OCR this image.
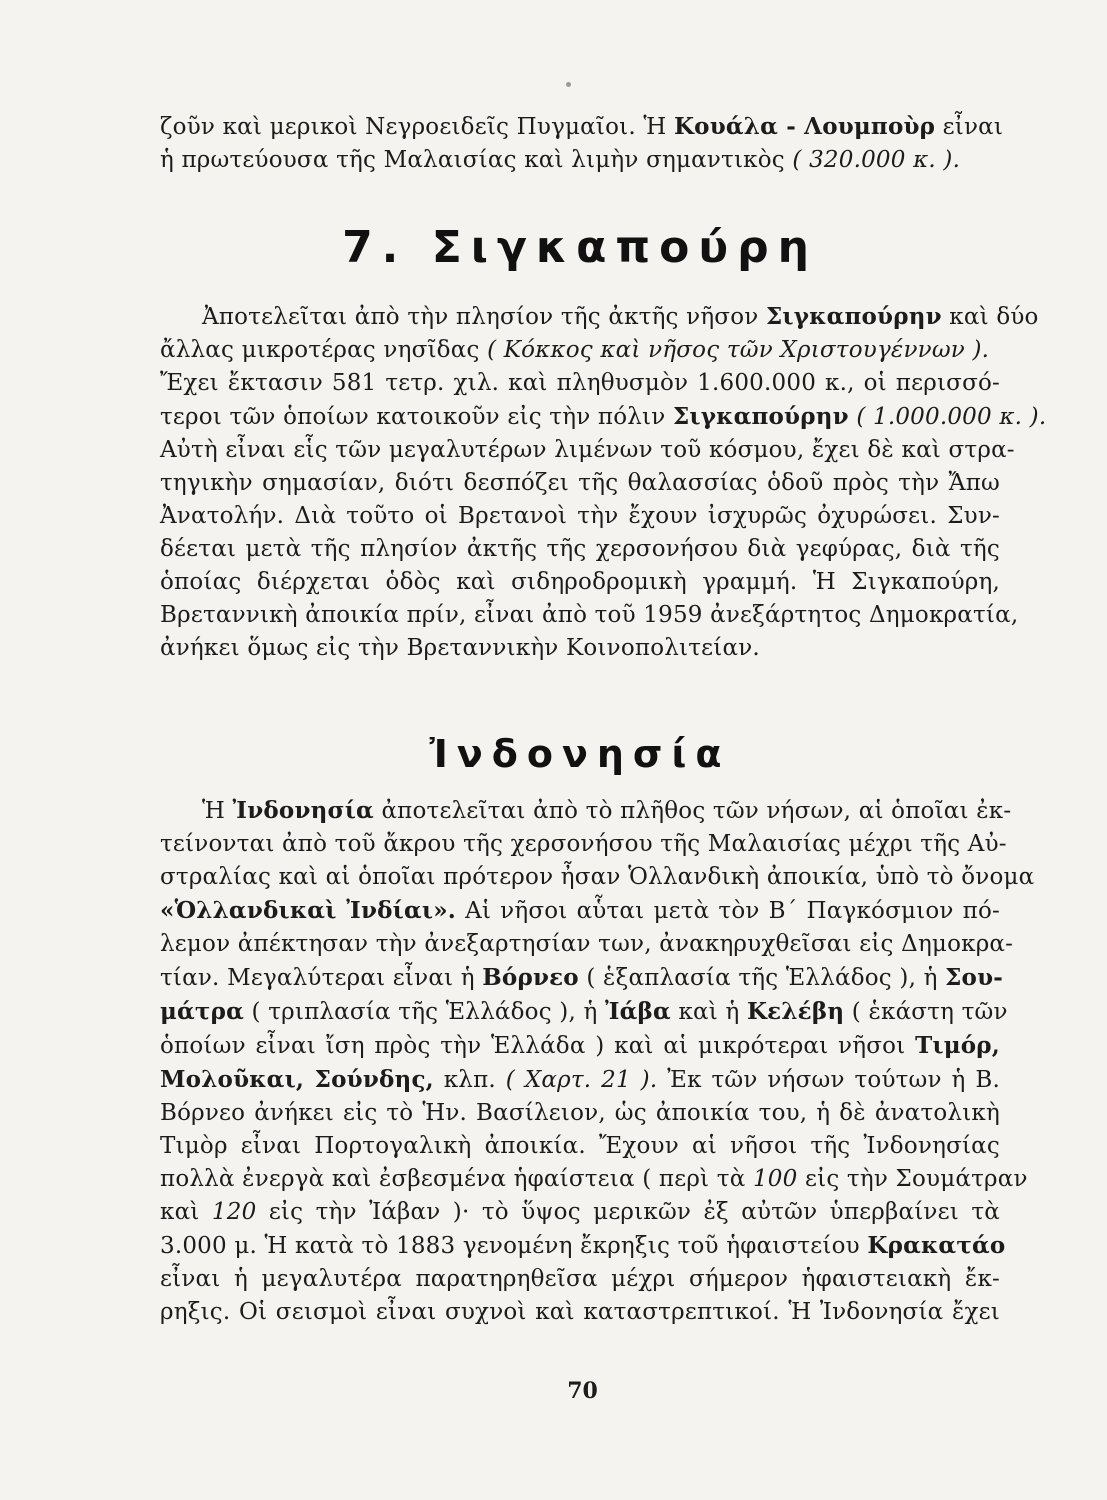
ζοῦν καὶ μερικοὶ Νεγροειδεῖς Πυγμαῖοι. Ἡ Κουάλα - Λουμποὺρ εἶναι
ἡ πρωτεύουσα τῆς Μαλαισίας καὶ λιμὴν σημαντικὸς ( 320.000 κ. ).
7. Σιγκαπούρη
Ἀποτελεῖται ἀπὸ τὴν πλησίον τῆς ἀκτῆς νῆσον Σιγκαπούρην καὶ δύο
ἄλλας μικροτέρας νησῖδας ( Κόκκος καὶ νῆσος τῶν Χριστουγέννων ).
Ἔχει ἔκτασιν 581 τετρ. χιλ. καὶ πληθυσμὸν 1.600.000 κ., οἱ περισσό-
τεροι τῶν ὁποίων κατοικοῦν εἰς τὴν πόλιν Σιγκαπούρην ( 1.000.000 κ. ).
Αὐτὴ εἶναι εἷς τῶν μεγαλυτέρων λιμένων τοῦ κόσμου, ἔχει δὲ καὶ στρα-
τηγικὴν σημασίαν, διότι δεσπόζει τῆς θαλασσίας ὁδοῦ πρὸς τὴν Ἄπω
Ἀνατολήν. Διὰ τοῦτο οἱ Βρετανοὶ τὴν ἔχουν ἰσχυρῶς ὀχυρώσει. Συν-
δέεται μετὰ τῆς πλησίον ἀκτῆς τῆς χερσονήσου διὰ γεφύρας, διὰ τῆς
ὁποίας διέρχεται ὁδὸς καὶ σιδηροδρομικὴ γραμμή. Ἡ Σιγκαπούρη,
Βρεταννικὴ ἀποικία πρίν, εἶναι ἀπὸ τοῦ 1959 ἀνεξάρτητος Δημοκρατία,
ἀνήκει ὅμως εἰς τὴν Βρεταννικὴν Κοινοπολιτείαν.
Ἰνδονησία
Ἡ Ἰνδονησία ἀποτελεῖται ἀπὸ τὸ πλῆθος τῶν νήσων, αἱ ὁποῖαι ἐκ-
τείνονται ἀπὸ τοῦ ἄκρου τῆς χερσονήσου τῆς Μαλαισίας μέχρι τῆς Αὐ-
στραλίας καὶ αἱ ὁποῖαι πρότερον ἦσαν Ὁλλανδικὴ ἀποικία, ὑπὸ τὸ ὄνομα
«Ὁλλανδικαὶ Ἰνδίαι». Αἱ νῆσοι αὗται μετὰ τὸν Β΄ Παγκόσμιον πό-
λεμον ἀπέκτησαν τὴν ἀνεξαρτησίαν των, ἀνακηρυχθεῖσαι εἰς Δημοκρα-
τίαν. Μεγαλύτεραι εἶναι ἡ Βόρνεο ( ἑξαπλασία τῆς Ἑλλάδος ), ἡ Σου-
μάτρα ( τριπλασία τῆς Ἑλλάδος ), ἡ Ἰάβα καὶ ἡ Κελέβη ( ἑκάστη τῶν
ὁποίων εἶναι ἴση πρὸς τὴν Ἑλλάδα ) καὶ αἱ μικρότεραι νῆσοι Τιμόρ,
Μολοῦκαι, Σούνδης, κλπ. ( Χαρτ. 21 ). Ἐκ τῶν νήσων τούτων ἡ Β.
Βόρνεο ἀνήκει εἰς τὸ Ἡν. Βασίλειον, ὡς ἀποικία του, ἡ δὲ ἀνατολικὴ
Τιμὸρ εἶναι Πορτογαλικὴ ἀποικία. Ἔχουν αἱ νῆσοι τῆς Ἰνδονησίας
πολλὰ ἐνεργὰ καὶ ἐσβεσμένα ἡφαίστεια ( περὶ τὰ 100 εἰς τὴν Σουμάτραν
καὶ 120 εἰς τὴν Ἰάβαν )· τὸ ὕψος μερικῶν ἐξ αὐτῶν ὑπερβαίνει τὰ
3.000 μ. Ἡ κατὰ τὸ 1883 γενομένη ἔκρηξις τοῦ ἡφαιστείου Κρακατάο
εἶναι ἡ μεγαλυτέρα παρατηρηθεῖσα μέχρι σήμερον ἡφαιστειακὴ ἔκ-
ρηξις. Οἱ σεισμοὶ εἶναι συχνοὶ καὶ καταστρεπτικοί. Ἡ Ἰνδονησία ἔχει
70
